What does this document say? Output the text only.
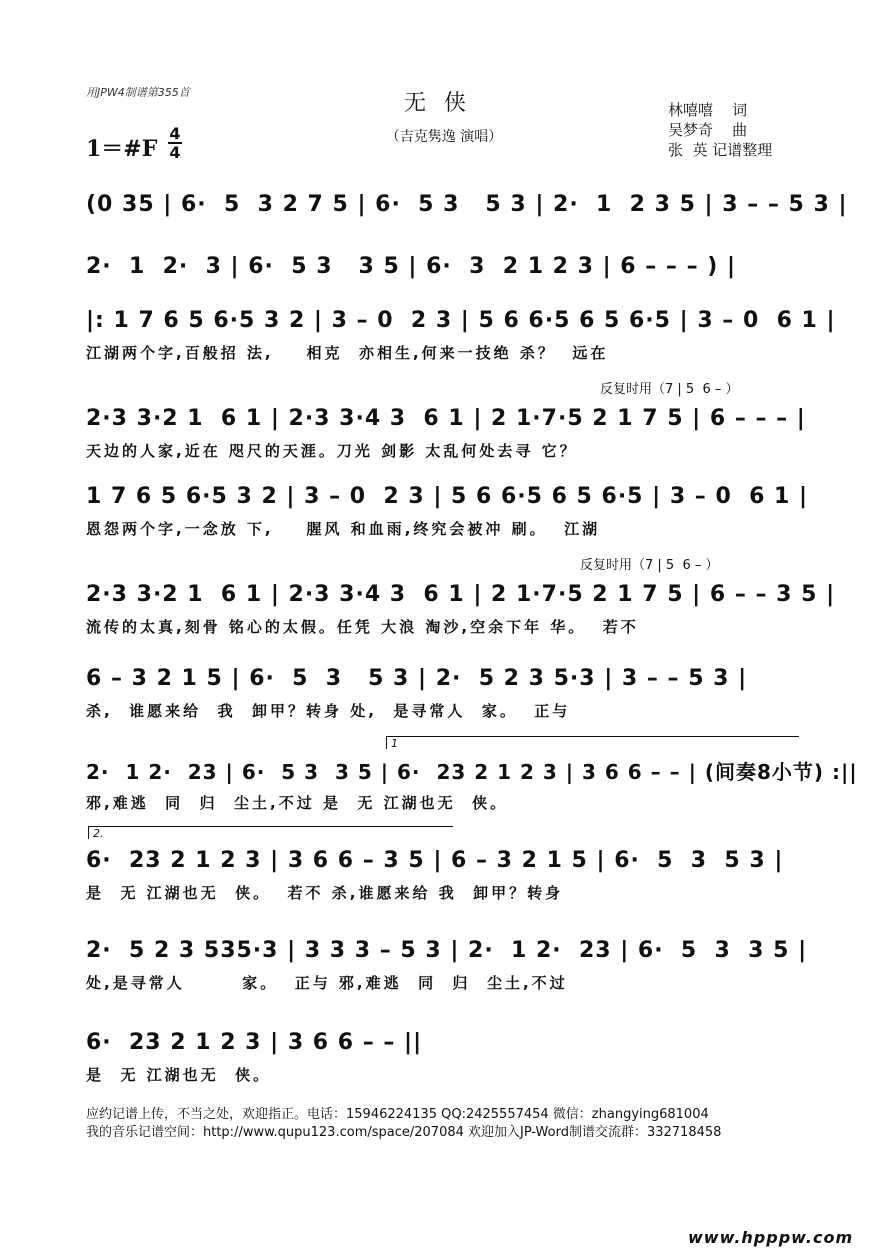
用JPW4制谱第355首	无侠
（吉克隽逸 演唱）
林嘻嘻    词
吴梦奇    曲
张  英 记谱整理
1＝#F
4
4
(0 35 | 6·  5  3 2 7 5 | 6·  5 3   5 3 | 2·  1  2 3 5 | 3 – – 5 3 |
2·  1  2·  3 | 6·  5 3   3 5 | 6·  3  2 1 2 3 | 6 – – – ) |
|: 1 7 6 5 6·5 3 2 | 3 – 0  2 3 | 5 6 6·5 6 5 6·5 | 3 – 0  6 1 |
江湖两个字,百般招 法,    相克  亦相生,何来一技绝 杀？  远在
反复时用（7 | 5  6 – ）
2·3 3·2 1  6 1 | 2·3 3·4 3  6 1 | 2 1·7·5 2 1 7 5 | 6 – – – |
天边的人家,近在 咫尺的天涯。刀光 剑影 太乱何处去寻 它？
1 7 6 5 6·5 3 2 | 3 – 0  2 3 | 5 6 6·5 6 5 6·5 | 3 – 0  6 1 |
恩怨两个字,一念放 下,    腥风 和血雨,终究会被冲 刷。  江湖
反复时用（7 | 5  6 – ）
2·3 3·2 1  6 1 | 2·3 3·4 3  6 1 | 2 1·7·5 2 1 7 5 | 6 – – 3 5 |
流传的太真,刻骨 铭心的太假。任凭 大浪 淘沙,空余下年 华。  若不
6 – 3 2 1 5 | 6·  5  3   5 3 | 2·  5 2 3 5·3 | 3 – – 5 3 |
杀,  谁愿来给  我  卸甲？转身 处,  是寻常人  家。  正与
1
2·  1 2·  23 | 6·  5 3  3 5 | 6·  23 2 1 2 3 | 3 6 6 – – | (间奏8小节) :||
邪,难逃  同  归  尘土,不过 是  无 江湖也无  侠。
2.
6·  23 2 1 2 3 | 3 6 6 – 3 5 | 6 – 3 2 1 5 | 6·  5  3  5 3 |
是  无 江湖也无  侠。  若不 杀,谁愿来给 我  卸甲？转身
2·  5 2 3 535·3 | 3 3 3 – 5 3 | 2·  1 2·  23 | 6·  5  3  3 5 |
处,是寻常人       家。  正与 邪,难逃  同  归  尘土,不过
6·  23 2 1 2 3 | 3 6 6 – – ||
是  无 江湖也无  侠。
应约记谱上传，不当之处，欢迎指正。电话：15946224135 QQ:2425557454 微信：zhangying681004
我的音乐记谱空间：http://www.qupu123.com/space/207084 欢迎加入JP-Word制谱交流群：332718458
www.hpppw.com
